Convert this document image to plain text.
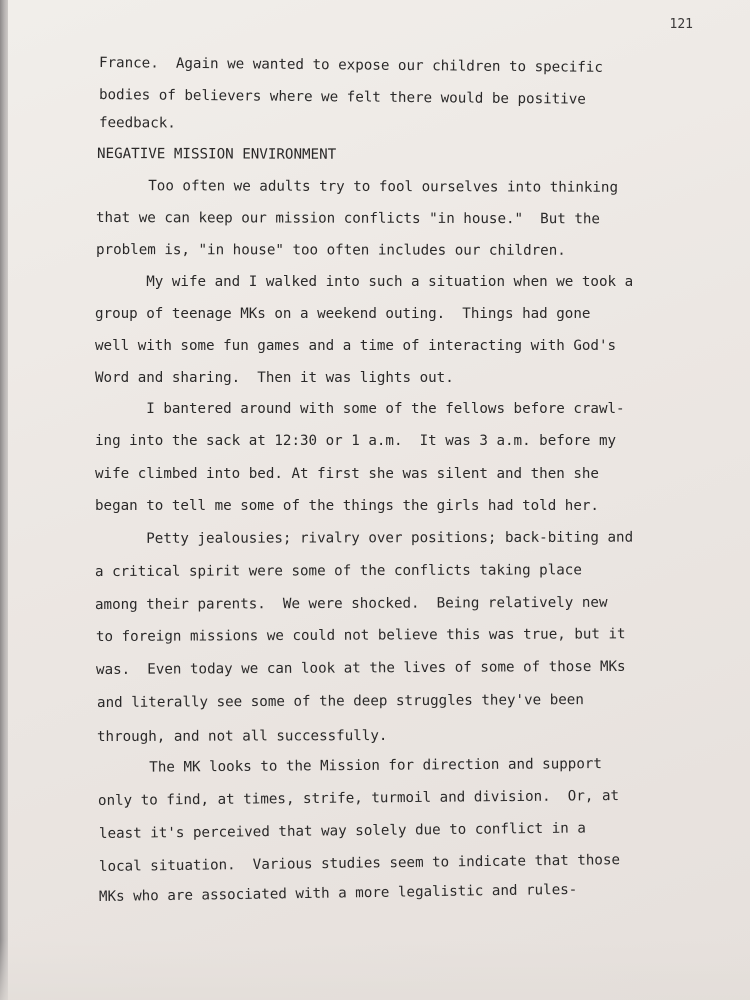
121

France.  Again we wanted to expose our children to specific

bodies of believers where we felt there would be positive

feedback.

NEGATIVE MISSION ENVIRONMENT

Too often we adults try to fool ourselves into thinking

that we can keep our mission conflicts "in house."  But the

problem is, "in house" too often includes our children.

My wife and I walked into such a situation when we took a

group of teenage MKs on a weekend outing.  Things had gone

well with some fun games and a time of interacting with God's

Word and sharing.  Then it was lights out.

I bantered around with some of the fellows before crawl-

ing into the sack at 12:30 or 1 a.m.  It was 3 a.m. before my

wife climbed into bed. At first she was silent and then she

began to tell me some of the things the girls had told her.

Petty jealousies; rivalry over positions; back-biting and

a critical spirit were some of the conflicts taking place

among their parents.  We were shocked.  Being relatively new

to foreign missions we could not believe this was true, but it

was.  Even today we can look at the lives of some of those MKs

and literally see some of the deep struggles they've been

through, and not all successfully.

The MK looks to the Mission for direction and support

only to find, at times, strife, turmoil and division.  Or, at

least it's perceived that way solely due to conflict in a

local situation.  Various studies seem to indicate that those

MKs who are associated with a more legalistic and rules-
